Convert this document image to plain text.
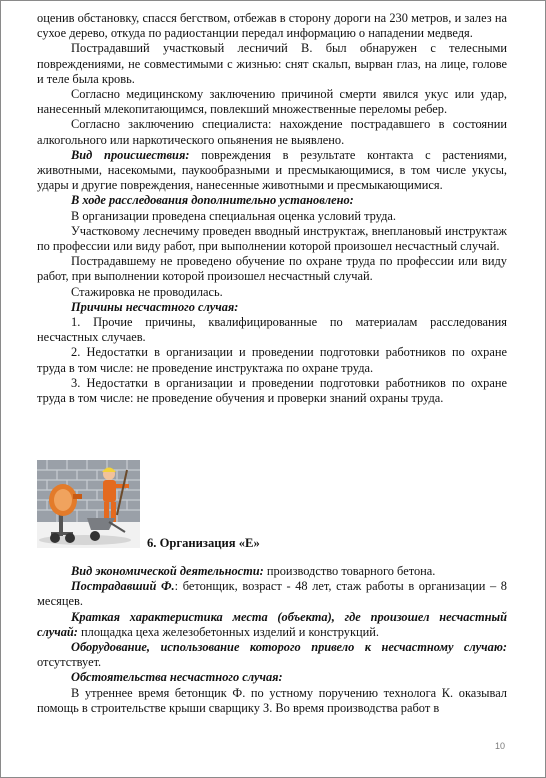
оценив обстановку, спасся бегством, отбежав в сторону дороги на 230 метров, и залез на сухое дерево, откуда по радиостанции передал информацию о нападении медведя.

Пострадавший участковый лесничий В. был обнаружен с телесными повреждениями, не совместимыми с жизнью: снят скальп, вырван глаз, на лице, голове и теле была кровь.

Согласно медицинскому заключению причиной смерти явился укус или удар, нанесенный млекопитающимся, повлекший множественные переломы ребер.

Согласно заключению специалиста: нахождение пострадавшего в состоянии алкогольного или наркотического опьянения не выявлено.

Вид происшествия: повреждения в результате контакта с растениями, животными, насекомыми, паукообразными и пресмыкающимися, в том числе укусы, удары и другие повреждения, нанесенные животными и пресмыкающимися.

В ходе расследования дополнительно установлено:

В организации проведена специальная оценка условий труда.

Участковому леснечиму проведен вводный инструктаж, внеплановый инструктаж по профессии или виду работ, при выполнении которой произошел несчастный случай.

Пострадавшему не проведено обучение по охране труда по профессии или виду работ, при выполнении которой произошел несчастный случай.

Стажировка не проводилась.

Причины несчастного случая:

1. Прочие причины, квалифицированные по материалам расследования несчастных случаев.

2. Недостатки в организации и проведении подготовки работников по охране труда в том числе: не проведение инструктажа по охране труда.

3. Недостатки в организации и проведении подготовки работников по охране труда в том числе: не проведение обучения и проверки знаний охраны труда.

6. Организация «Е»

Вид экономической деятельности: производство товарного бетона.

Пострадавший Ф.: бетонщик, возраст - 48 лет, стаж работы в организации – 8 месяцев.

Краткая характеристика места (объекта), где произошел несчастный случай: площадка цеха железобетонных изделий и конструкций.

Оборудование, использование которого привело к несчастному случаю: отсутствует.

Обстоятельства несчастного случая:

В утреннее время бетонщик Ф. по устному поручению технолога К. оказывал помощь в строительстве крыши сварщику З. Во время производства работ в

10
